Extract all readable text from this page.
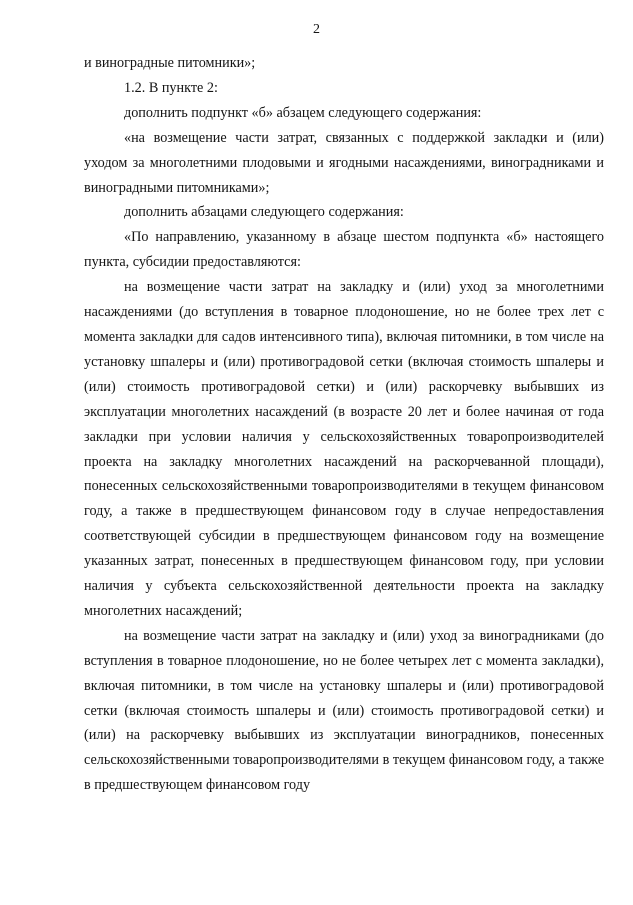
2

и виноградные питомники»;

1.2. В пункте 2:

дополнить подпункт «б» абзацем следующего содержания:

«на возмещение части затрат, связанных с поддержкой закладки и (или) уходом за многолетними плодовыми и ягодными насаждениями, виноградниками и виноградными питомниками»;

дополнить абзацами следующего содержания:

«По направлению, указанному в абзаце шестом подпункта «б» настоящего пункта, субсидии предоставляются:

на возмещение части затрат на закладку и (или) уход за многолетними насаждениями (до вступления в товарное плодоношение, но не более трех лет с момента закладки для садов интенсивного типа), включая питомники, в том числе на установку шпалеры и (или) противоградовой сетки (включая стоимость шпалеры и (или) стоимость противоградовой сетки) и (или) раскорчевку выбывших из эксплуатации многолетних насаждений (в возрасте 20 лет и более начиная от года закладки при условии наличия у сельскохозяйственных товаропроизводителей проекта на закладку многолетних насаждений на раскорчеванной площади), понесенных сельскохозяйственными товаропроизводителями в текущем финансовом году, а также в предшествующем финансовом году в случае непредоставления соответствующей субсидии в предшествующем финансовом году на возмещение указанных затрат, понесенных в предшествующем финансовом году, при условии наличия у субъекта сельскохозяйственной деятельности проекта на закладку многолетних насаждений;

на возмещение части затрат на закладку и (или) уход за виноградниками (до вступления в товарное плодоношение, но не более четырех лет с момента закладки), включая питомники, в том числе на установку шпалеры и (или) противоградовой сетки (включая стоимость шпалеры и (или) стоимость противоградовой сетки) и (или) на раскорчевку выбывших из эксплуатации виноградников, понесенных сельскохозяйственными товаропроизводителями в текущем финансовом году, а также в предшествующем финансовом году
